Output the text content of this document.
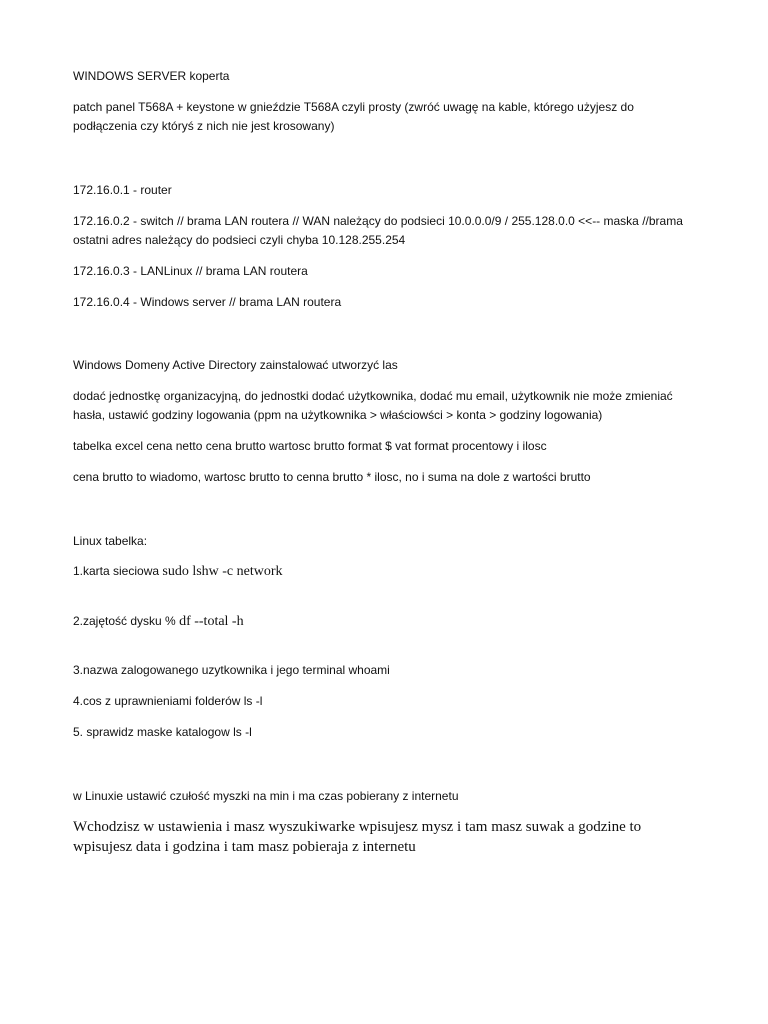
WINDOWS SERVER koperta
patch panel T568A + keystone w gnieździe T568A czyli prosty (zwróć uwagę na kable, którego użyjesz do podłączenia czy któryś z nich nie jest krosowany)
172.16.0.1 - router
172.16.0.2 - switch // brama LAN routera // WAN należący do podsieci 10.0.0.0/9 / 255.128.0.0 <<-- maska //brama ostatni adres należący do podsieci czyli chyba 10.128.255.254
172.16.0.3 - LANLinux // brama LAN routera
172.16.0.4 - Windows server // brama LAN routera
Windows Domeny Active Directory zainstalować utworzyć las
dodać jednostkę organizacyjną, do jednostki dodać użytkownika, dodać mu email, użytkownik nie może zmieniać hasła, ustawić godziny logowania (ppm na użytkownika > właściowści > konta > godziny logowania)
tabelka excel cena netto cena brutto wartosc brutto format $ vat format procentowy i ilosc
cena brutto to wiadomo, wartosc brutto to cenna brutto * ilosc, no i suma na dole z wartości brutto
Linux tabelka:
1.karta sieciowa sudo lshw -c network
2.zajętość dysku % df --total -h
3.nazwa zalogowanego uzytkownika i jego terminal whoami
4.cos z uprawnieniami folderów ls -l
5. sprawidz maske katalogow ls -l
w Linuxie ustawić czułość myszki na min i ma czas pobierany z internetu
Wchodzisz w ustawienia i masz wyszukiwarke wpisujesz mysz i tam masz suwak a godzine to wpisujesz data i godzina i tam masz pobieraja z internetu
